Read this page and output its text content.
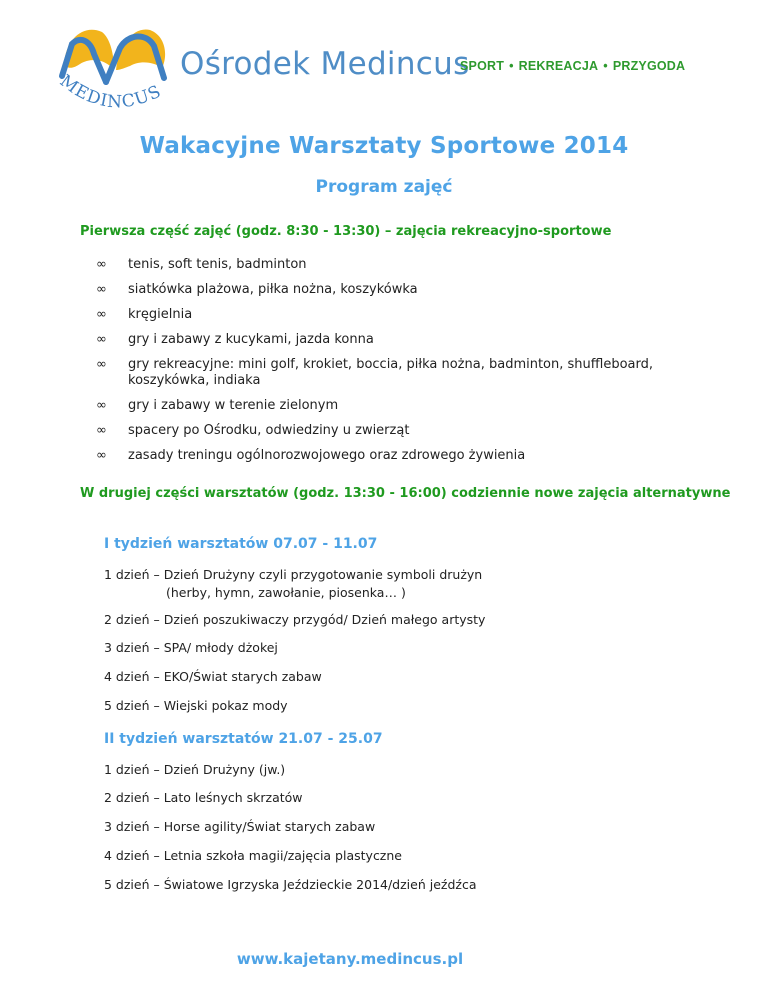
MEDINCUS
Ośrodek Medincus
SPORT • REKREACJA • PRZYGODA
Wakacyjne Warsztaty Sportowe 2014
Program zajęć
Pierwsza część zajęć (godz. 8:30 - 13:30) – zajęcia rekreacyjno-sportowe
∞ tenis, soft tenis, badminton
∞ siatkówka plażowa, piłka nożna, koszykówka
∞ kręgielnia
∞ gry i zabawy z kucykami, jazda konna
∞ gry rekreacyjne: mini golf, krokiet, boccia, piłka nożna, badminton, shuffleboard, koszykówka, indiaka
∞ gry i zabawy w terenie zielonym
∞ spacery po Ośrodku, odwiedziny u zwierząt
∞ zasady treningu ogólnorozwojowego oraz zdrowego żywienia
W drugiej części warsztatów (godz. 13:30 - 16:00) codziennie nowe zajęcia alternatywne
I tydzień warsztatów 07.07 - 11.07
1 dzień – Dzień Drużyny czyli przygotowanie symboli drużyn
(herby, hymn, zawołanie, piosenka… )
2 dzień – Dzień poszukiwaczy przygód/ Dzień małego artysty
3 dzień – SPA/ młody dżokej
4 dzień – EKO/Świat starych zabaw
5 dzień – Wiejski pokaz mody
II tydzień warsztatów 21.07 - 25.07
1 dzień – Dzień Drużyny (jw.)
2 dzień – Lato leśnych skrzatów
3 dzień – Horse agility/Świat starych zabaw
4 dzień – Letnia szkoła magii/zajęcia plastyczne
5 dzień – Światowe Igrzyska Jeździeckie 2014/dzień jeźdźca
www.kajetany.medincus.pl
